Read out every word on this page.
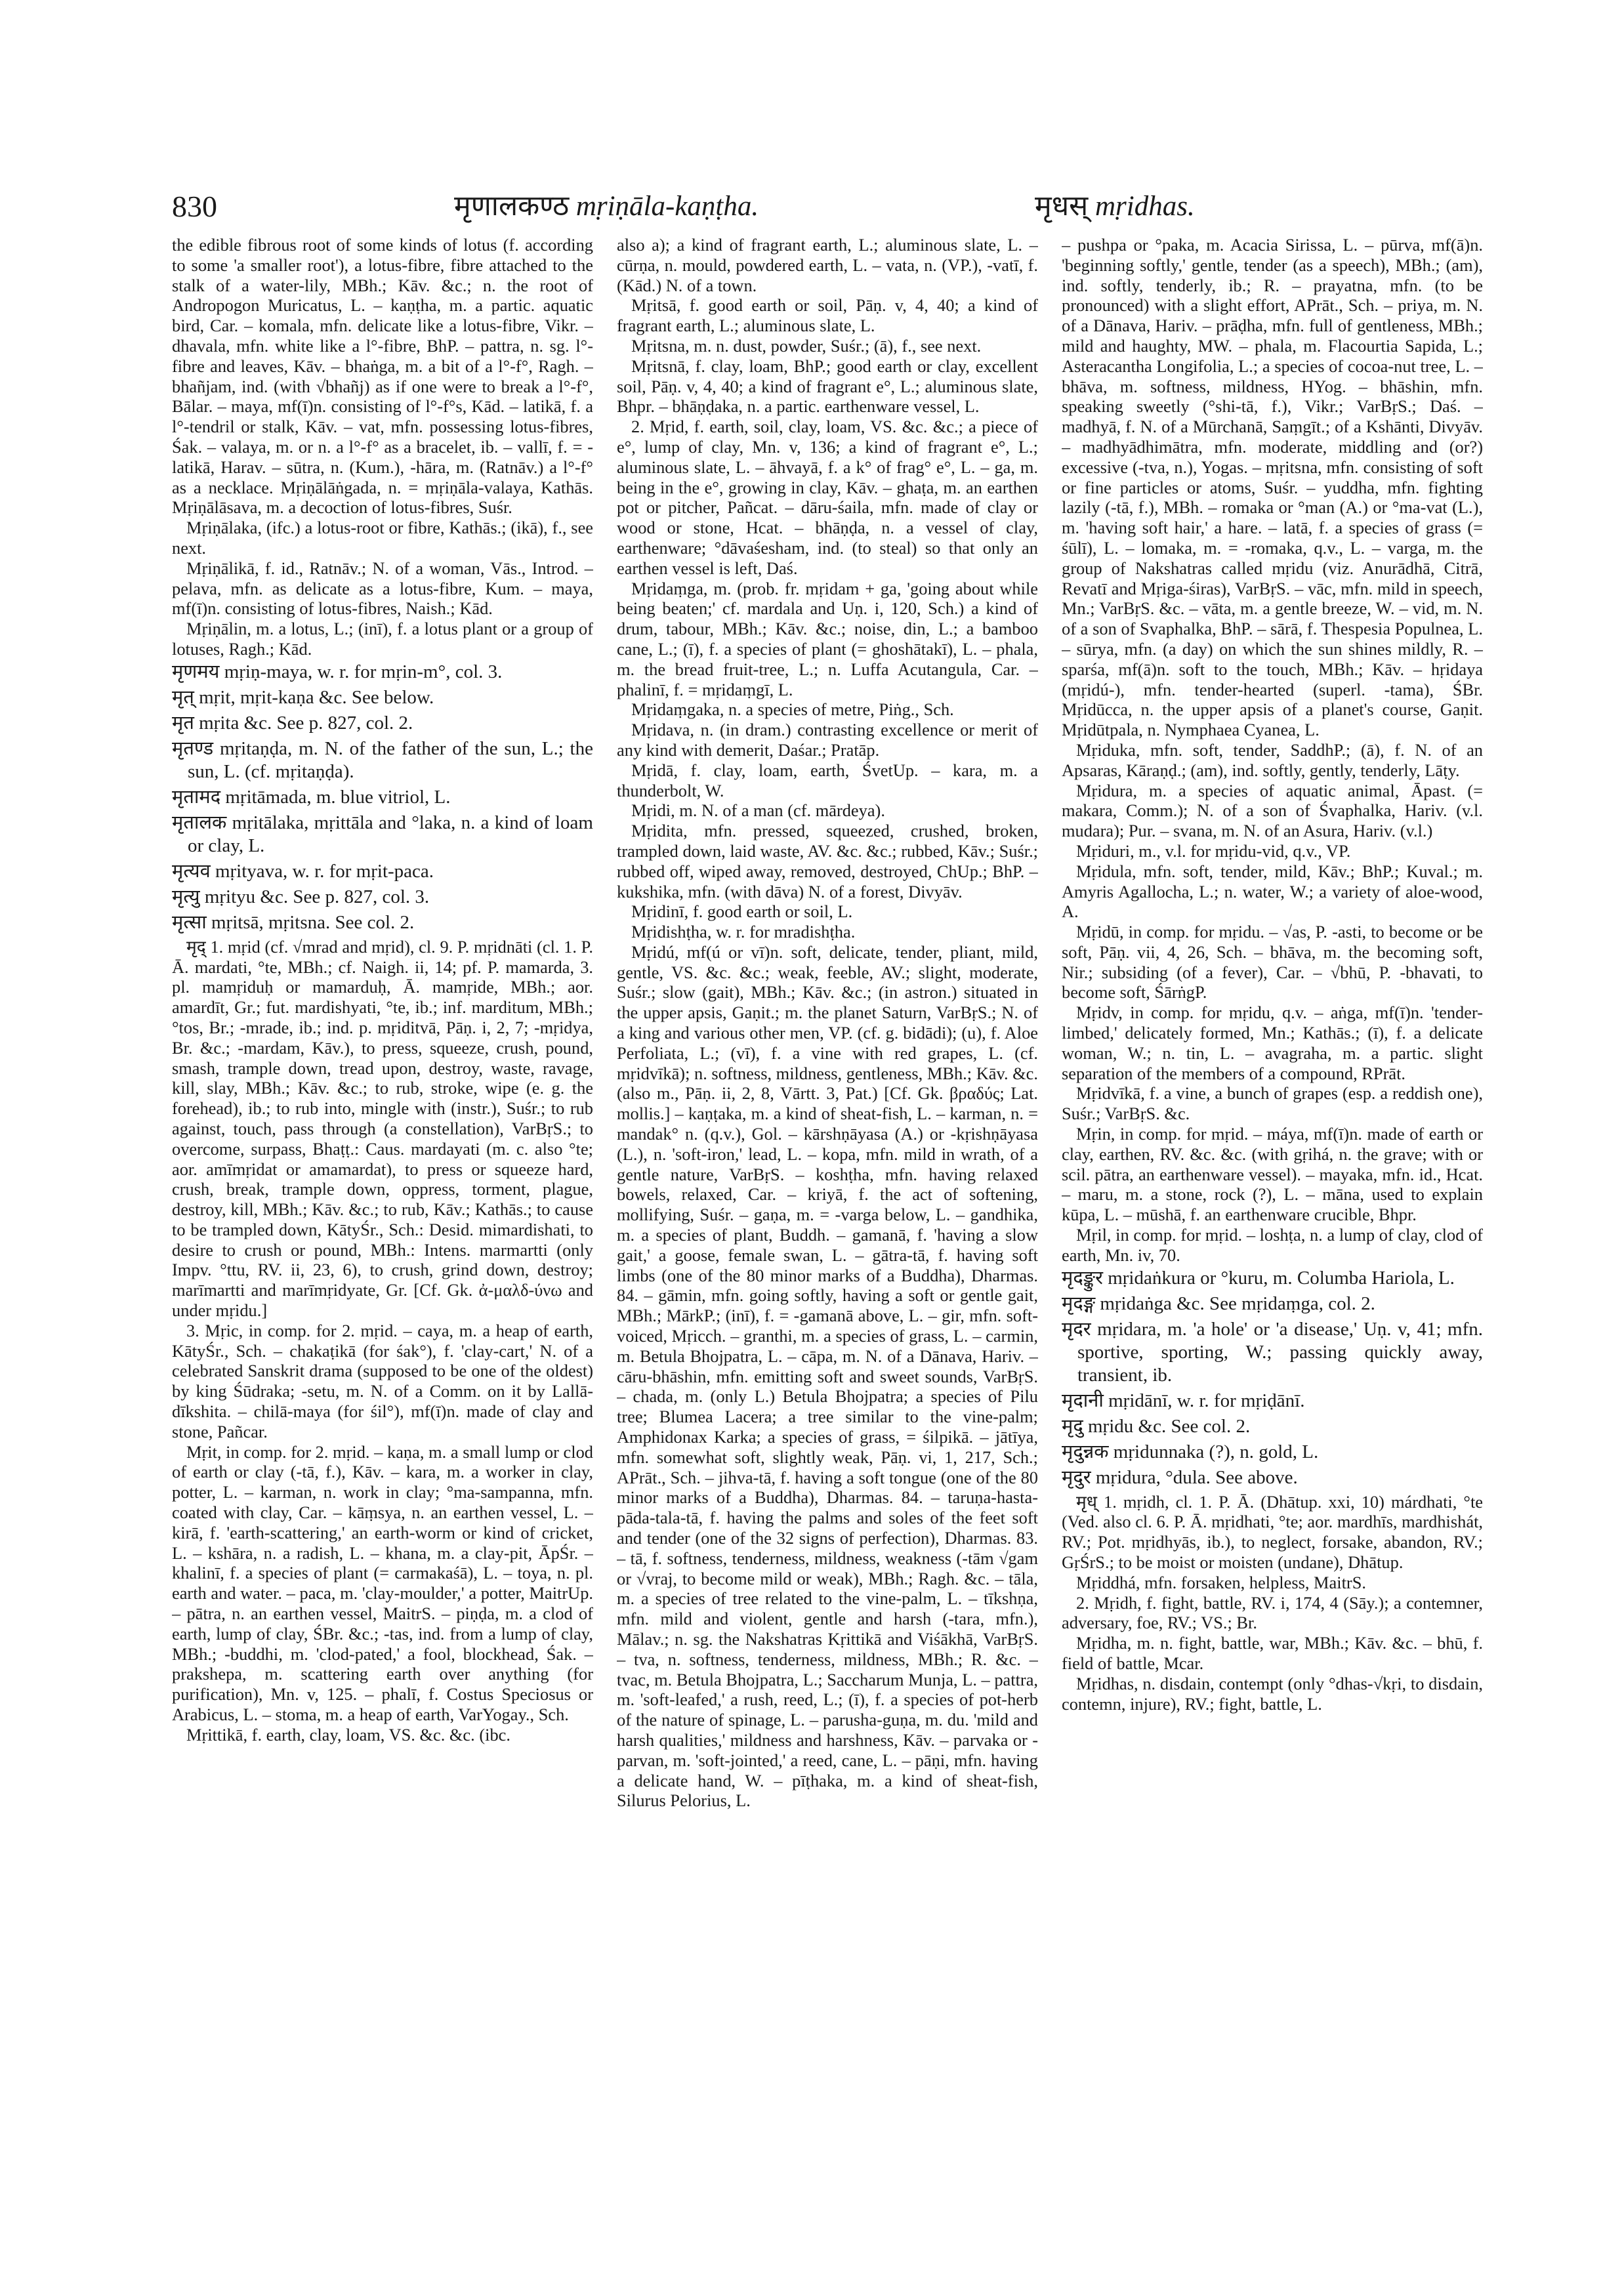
830	मृणालकण्ठ mṛiṇāla-kaṇṭha.	मृधस् mṛidhas.

the edible fibrous root of some kinds of lotus (f. according to some 'a smaller root'), a lotus-fibre, fibre attached to the stalk of a water-lily, MBh.; Kāv. &c.; n. the root of Andropogon Muricatus, L. – kaṇṭha, m. a partic. aquatic bird, Car. – komala, mfn. delicate like a lotus-fibre, Vikr. – dhavala, mfn. white like a l°-fibre, BhP. – pattra, n. sg. l°-fibre and leaves, Kāv. – bhaṅga, m. a bit of a l°-f°, Ragh. – bhañjam, ind. (with √bhañj) as if one were to break a l°-f°, Bālar. – maya, mf(ī)n. consisting of l°-f°s, Kād. – latikā, f. a l°-tendril or stalk, Kāv. – vat, mfn. possessing lotus-fibres, Śak. – valaya, m. or n. a l°-f° as a bracelet, ib. – vallī, f. = -latikā, Harav. – sūtra, n. (Kum.), -hāra, m. (Ratnāv.) a l°-f° as a necklace. Mṛiṇālāṅgada, n. = mṛiṇāla-valaya, Kathās. Mṛiṇālāsava, m. a decoction of lotus-fibres, Suśr.

Mṛiṇālaka, (ifc.) a lotus-root or fibre, Kathās.; (ikā), f., see next.

Mṛiṇālikā, f. id., Ratnāv.; N. of a woman, Vās., Introd. – pelava, mfn. as delicate as a lotus-fibre, Kum. – maya, mf(ī)n. consisting of lotus-fibres, Naish.; Kād.

Mṛiṇālin, m. a lotus, L.; (inī), f. a lotus plant or a group of lotuses, Ragh.; Kād.

मृणमय mṛiṇ-maya, w. r. for mṛin-m°, col. 3.

मृत् mṛit, mṛit-kaṇa &c. See below.

मृत mṛita &c. See p. 827, col. 2.

मृतण्ड mṛitaṇḍa, m. N. of the father of the sun, L.; the sun, L. (cf. mṛitaṇḍa).

मृतामद mṛitāmada, m. blue vitriol, L.

मृतालक mṛitālaka, mṛittāla and °laka, n. a kind of loam or clay, L.

मृत्यव mṛityava, w. r. for mṛit-paca.

मृत्यु mṛityu &c. See p. 827, col. 3.

मृत्सा mṛitsā, mṛitsna. See col. 2.

मृद् 1. mṛid (cf. √mrad and mṛid), cl. 9. P. mṛidnāti (cl. 1. P. Ā. mardati, °te, MBh.; cf. Naigh. ii, 14; pf. P. mamarda, 3. pl. mamṛiduḥ or mamarduḥ, Ā. mamṛide, MBh.; aor. amardīt, Gr.; fut. mardishyati, °te, ib.; inf. marditum, MBh.; °tos, Br.; -mrade, ib.; ind. p. mṛiditvā, Pāṇ. i, 2, 7; -mṛidya, Br. &c.; -mardam, Kāv.), to press, squeeze, crush, pound, smash, trample down, tread upon, destroy, waste, ravage, kill, slay, MBh.; Kāv. &c.; to rub, stroke, wipe (e. g. the forehead), ib.; to rub into, mingle with (instr.), Suśr.; to rub against, touch, pass through (a constellation), VarBṛS.; to overcome, surpass, Bhaṭṭ.: Caus. mardayati (m. c. also °te; aor. amīmṛidat or amamardat), to press or squeeze hard, crush, break, trample down, oppress, torment, plague, destroy, kill, MBh.; Kāv. &c.; to rub, Kāv.; Kathās.; to cause to be trampled down, KātyŚr., Sch.: Desid. mimardishati, to desire to crush or pound, MBh.: Intens. marmartti (only Impv. °ttu, RV. ii, 23, 6), to crush, grind down, destroy; marīmartti and marīmṛidyate, Gr. [Cf. Gk. ἀ-μαλδ-ύνω and under mṛidu.]

3. Mṛic, in comp. for 2. mṛid. – caya, m. a heap of earth, KātyŚr., Sch. – chakaṭikā (for śak°), f. 'clay-cart,' N. of a celebrated Sanskrit drama (supposed to be one of the oldest) by king Śūdraka; -setu, m. N. of a Comm. on it by Lallā-dīkshita. – chilā-maya (for śil°), mf(ī)n. made of clay and stone, Pañcar.

Mṛit, in comp. for 2. mṛid. – kaṇa, m. a small lump or clod of earth or clay (-tā, f.), Kāv. – kara, m. a worker in clay, potter, L. – karman, n. work in clay; °ma-sampanna, mfn. coated with clay, Car. – kāṃsya, n. an earthen vessel, L. – kirā, f. 'earth-scattering,' an earth-worm or kind of cricket, L. – kshāra, n. a radish, L. – khana, m. a clay-pit, ĀpŚr. – khalinī, f. a species of plant (= carmakaśā), L. – toya, n. pl. earth and water. – paca, m. 'clay-moulder,' a potter, MaitrUp. – pātra, n. an earthen vessel, MaitrS. – piṇḍa, m. a clod of earth, lump of clay, ŚBr. &c.; -tas, ind. from a lump of clay, MBh.; -buddhi, m. 'clod-pated,' a fool, blockhead, Śak. – prakshepa, m. scattering earth over anything (for purification), Mn. v, 125. – phalī, f. Costus Speciosus or Arabicus, L. – stoma, m. a heap of earth, VarYogay., Sch.

Mṛittikā, f. earth, clay, loam, VS. &c. &c. (ibc.

also a); a kind of fragrant earth, L.; aluminous slate, L. – cūrṇa, n. mould, powdered earth, L. – vata, n. (VP.), -vatī, f. (Kād.) N. of a town.

Mṛitsā, f. good earth or soil, Pāṇ. v, 4, 40; a kind of fragrant earth, L.; aluminous slate, L.

Mṛitsna, m. n. dust, powder, Suśr.; (ā), f., see next.

Mṛitsnā, f. clay, loam, BhP.; good earth or clay, excellent soil, Pāṇ. v, 4, 40; a kind of fragrant e°, L.; aluminous slate, Bhpr. – bhāṇḍaka, n. a partic. earthenware vessel, L.

2. Mṛid, f. earth, soil, clay, loam, VS. &c. &c.; a piece of e°, lump of clay, Mn. v, 136; a kind of fragrant e°, L.; aluminous slate, L. – āhvayā, f. a k° of frag° e°, L. – ga, m. being in the e°, growing in clay, Kāv. – ghaṭa, m. an earthen pot or pitcher, Pañcat. – dāru-śaila, mfn. made of clay or wood or stone, Hcat. – bhāṇḍa, n. a vessel of clay, earthenware; °dāvaśesham, ind. (to steal) so that only an earthen vessel is left, Daś.

Mṛidaṃga, m. (prob. fr. mṛidam + ga, 'going about while being beaten;' cf. mardala and Uṇ. i, 120, Sch.) a kind of drum, tabour, MBh.; Kāv. &c.; noise, din, L.; a bamboo cane, L.; (ī), f. a species of plant (= ghoshātakī), L. – phala, m. the bread fruit-tree, L.; n. Luffa Acutangula, Car. – phalinī, f. = mṛidaṃgī, L.

Mṛidaṃgaka, n. a species of metre, Piṅg., Sch.

Mṛidava, n. (in dram.) contrasting excellence or merit of any kind with demerit, Daśar.; Pratāp.

Mṛidā, f. clay, loam, earth, ŚvetUp. – kara, m. a thunderbolt, W.

Mṛidi, m. N. of a man (cf. mārdeya).

Mṛidita, mfn. pressed, squeezed, crushed, broken, trampled down, laid waste, AV. &c. &c.; rubbed, Kāv.; Suśr.; rubbed off, wiped away, removed, destroyed, ChUp.; BhP. – kukshika, mfn. (with dāva) N. of a forest, Divyāv.

Mṛidinī, f. good earth or soil, L.

Mṛidishṭha, w. r. for mradishṭha.

Mṛidú, mf(ú or vī)n. soft, delicate, tender, pliant, mild, gentle, VS. &c. &c.; weak, feeble, AV.; slight, moderate, Suśr.; slow (gait), MBh.; Kāv. &c.; (in astron.) situated in the upper apsis, Gaṇit.; m. the planet Saturn, VarBṛS.; N. of a king and various other men, VP. (cf. g. bidādi); (u), f. Aloe Perfoliata, L.; (vī), f. a vine with red grapes, L. (cf. mṛidvīkā); n. softness, mildness, gentleness, MBh.; Kāv. &c. (also m., Pāṇ. ii, 2, 8, Vārtt. 3, Pat.) [Cf. Gk. βραδύς; Lat. mollis.] – kaṇṭaka, m. a kind of sheat-fish, L. – karman, n. = mandak° n. (q.v.), Gol. – kārshṇāyasa (A.) or -kṛishṇāyasa (L.), n. 'soft-iron,' lead, L. – kopa, mfn. mild in wrath, of a gentle nature, VarBṛS. – koshṭha, mfn. having relaxed bowels, relaxed, Car. – kriyā, f. the act of softening, mollifying, Suśr. – gaṇa, m. = -varga below, L. – gandhika, m. a species of plant, Buddh. – gamanā, f. 'having a slow gait,' a goose, female swan, L. – gātra-tā, f. having soft limbs (one of the 80 minor marks of a Buddha), Dharmas. 84. – gāmin, mfn. going softly, having a soft or gentle gait, MBh.; MārkP.; (inī), f. = -gamanā above, L. – gir, mfn. soft-voiced, Mṛicch. – granthi, m. a species of grass, L. – carmin, m. Betula Bhojpatra, L. – cāpa, m. N. of a Dānava, Hariv. – cāru-bhāshin, mfn. emitting soft and sweet sounds, VarBṛS. – chada, m. (only L.) Betula Bhojpatra; a species of Pilu tree; Blumea Lacera; a tree similar to the vine-palm; Amphidonax Karka; a species of grass, = śilpikā. – jātīya, mfn. somewhat soft, slightly weak, Pāṇ. vi, 1, 217, Sch.; APrāt., Sch. – jihva-tā, f. having a soft tongue (one of the 80 minor marks of a Buddha), Dharmas. 84. – taruṇa-hasta-pāda-tala-tā, f. having the palms and soles of the feet soft and tender (one of the 32 signs of perfection), Dharmas. 83. – tā, f. softness, tenderness, mildness, weakness (-tām √gam or √vraj, to become mild or weak), MBh.; Ragh. &c. – tāla, m. a species of tree related to the vine-palm, L. – tīkshṇa, mfn. mild and violent, gentle and harsh (-tara, mfn.), Mālav.; n. sg. the Nakshatras Kṛittikā and Viśākhā, VarBṛS. – tva, n. softness, tenderness, mildness, MBh.; R. &c. – tvac, m. Betula Bhojpatra, L.; Saccharum Munja, L. – pattra, m. 'soft-leafed,' a rush, reed, L.; (ī), f. a species of pot-herb of the nature of spinage, L. – parusha-guṇa, m. du. 'mild and harsh qualities,' mildness and harshness, Kāv. – parvaka or -parvan, m. 'soft-jointed,' a reed, cane, L. – pāṇi, mfn. having a delicate hand, W. – pīṭhaka, m. a kind of sheat-fish, Silurus Pelorius, L.

– pushpa or °paka, m. Acacia Sirissa, L. – pūrva, mf(ā)n. 'beginning softly,' gentle, tender (as a speech), MBh.; (am), ind. softly, tenderly, ib.; R. – prayatna, mfn. (to be pronounced) with a slight effort, APrāt., Sch. – priya, m. N. of a Dānava, Hariv. – prāḍha, mfn. full of gentleness, MBh.; mild and haughty, MW. – phala, m. Flacourtia Sapida, L.; Asteracantha Longifolia, L.; a species of cocoa-nut tree, L. – bhāva, m. softness, mildness, HYog. – bhāshin, mfn. speaking sweetly (°shi-tā, f.), Vikr.; VarBṛS.; Daś. – madhyā, f. N. of a Mūrchanā, Saṃgīt.; of a Kshānti, Divyāv. – madhyādhimātra, mfn. moderate, middling and (or?) excessive (-tva, n.), Yogas. – mṛitsna, mfn. consisting of soft or fine particles or atoms, Suśr. – yuddha, mfn. fighting lazily (-tā, f.), MBh. – romaka or °man (A.) or °ma-vat (L.), m. 'having soft hair,' a hare. – latā, f. a species of grass (= śūlī), L. – lomaka, m. = -romaka, q.v., L. – varga, m. the group of Nakshatras called mṛidu (viz. Anurādhā, Citrā, Revatī and Mṛiga-śiras), VarBṛS. – vāc, mfn. mild in speech, Mn.; VarBṛS. &c. – vāta, m. a gentle breeze, W. – vid, m. N. of a son of Svaphalka, BhP. – sārā, f. Thespesia Populnea, L. – sūrya, mfn. (a day) on which the sun shines mildly, R. – sparśa, mf(ā)n. soft to the touch, MBh.; Kāv. – hṛidaya (mṛidú-), mfn. tender-hearted (superl. -tama), ŚBr. Mṛidūcca, n. the upper apsis of a planet's course, Gaṇit. Mṛidūtpala, n. Nymphaea Cyanea, L.

Mṛiduka, mfn. soft, tender, SaddhP.; (ā), f. N. of an Apsaras, Kāraṇḍ.; (am), ind. softly, gently, tenderly, Lāṭy.

Mṛidura, m. a species of aquatic animal, Āpast. (= makara, Comm.); N. of a son of Śvaphalka, Hariv. (v.l. mudara); Pur. – svana, m. N. of an Asura, Hariv. (v.l.)

Mṛiduri, m., v.l. for mṛidu-vid, q.v., VP.

Mṛidula, mfn. soft, tender, mild, Kāv.; BhP.; Kuval.; m. Amyris Agallocha, L.; n. water, W.; a variety of aloe-wood, A.

Mṛidū, in comp. for mṛidu. – √as, P. -asti, to become or be soft, Pāṇ. vii, 4, 26, Sch. – bhāva, m. the becoming soft, Nir.; subsiding (of a fever), Car. – √bhū, P. -bhavati, to become soft, ŚārṅgP.

Mṛidv, in comp. for mṛidu, q.v. – aṅga, mf(ī)n. 'tender-limbed,' delicately formed, Mn.; Kathās.; (ī), f. a delicate woman, W.; n. tin, L. – avagraha, m. a partic. slight separation of the members of a compound, RPrāt.

Mṛidvīkā, f. a vine, a bunch of grapes (esp. a reddish one), Suśr.; VarBṛS. &c.

Mṛin, in comp. for mṛid. – máya, mf(ī)n. made of earth or clay, earthen, RV. &c. &c. (with gṛihá, n. the grave; with or scil. pātra, an earthenware vessel). – mayaka, mfn. id., Hcat. – maru, m. a stone, rock (?), L. – māna, used to explain kūpa, L. – mūshā, f. an earthenware crucible, Bhpr.

Mṛil, in comp. for mṛid. – loshṭa, n. a lump of clay, clod of earth, Mn. iv, 70.

मृदङ्कुर mṛidaṅkura or °kuru, m. Columba Hariola, L.

मृदङ्ग mṛidaṅga &c. See mṛidaṃga, col. 2.

मृदर mṛidara, m. 'a hole' or 'a disease,' Uṇ. v, 41; mfn. sportive, sporting, W.; passing quickly away, transient, ib.

मृदानी mṛidānī, w. r. for mṛiḍānī.

मृदु mṛidu &c. See col. 2.

मृदुन्नक mṛidunnaka (?), n. gold, L.

मृदुर mṛidura, °dula. See above.

मृध् 1. mṛidh, cl. 1. P. Ā. (Dhātup. xxi, 10) márdhati, °te (Ved. also cl. 6. P. Ā. mṛidhati, °te; aor. mardhīs, mardhishát, RV.; Pot. mṛidhyās, ib.), to neglect, forsake, abandon, RV.; GṛŚrS.; to be moist or moisten (undane), Dhātup.

Mṛiddhá, mfn. forsaken, helpless, MaitrS.

2. Mṛidh, f. fight, battle, RV. i, 174, 4 (Sāy.); a contemner, adversary, foe, RV.; VS.; Br.

Mṛidha, m. n. fight, battle, war, MBh.; Kāv. &c. – bhū, f. field of battle, Mcar.

Mṛidhas, n. disdain, contempt (only °dhas-√kṛi, to disdain, contemn, injure), RV.; fight, battle, L.
